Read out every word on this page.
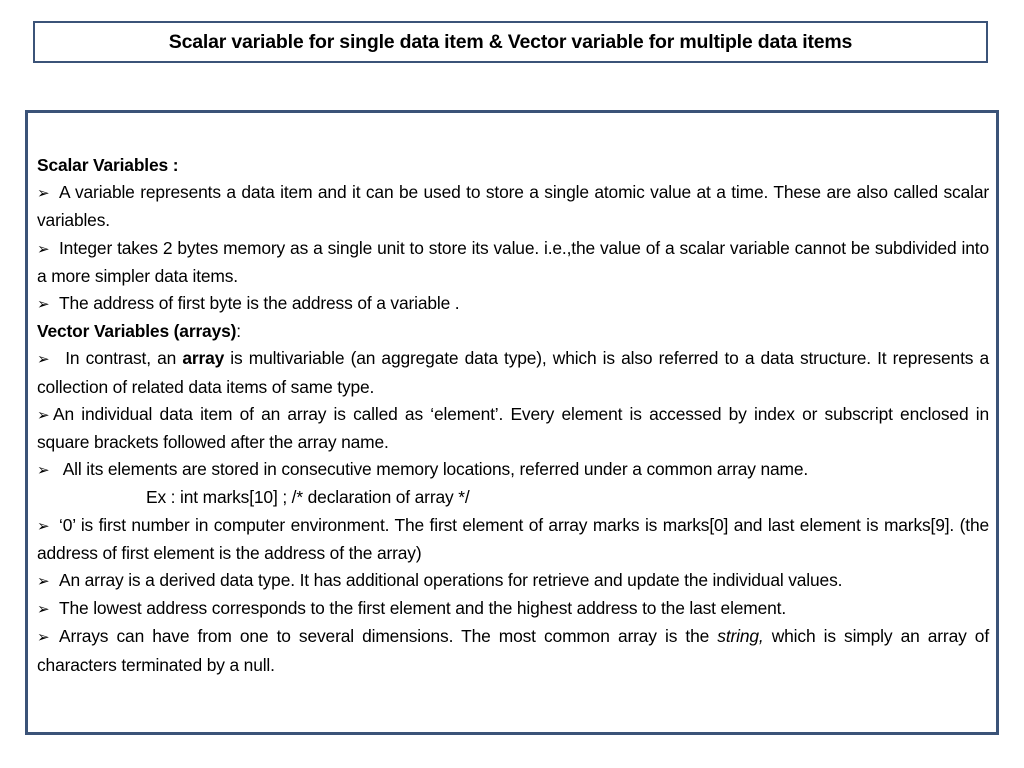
Scalar variable for single data item & Vector variable for multiple data items

Scalar Variables :

➢ A variable represents a data item and it can be used to store a single atomic value at a time. These are also called scalar variables.

➢ Integer takes 2 bytes memory as a single unit to store its value. i.e.,the value of a scalar variable cannot be subdivided into a more simpler data items.

➢ The address of first byte is the address of a variable .

Vector Variables (arrays):

➢ In contrast, an array is multivariable (an aggregate data type), which is also referred to a data structure. It represents a collection of related data items of same type.

➢ An individual data item of an array is called as ‘element’. Every element is accessed by index or subscript enclosed in square brackets followed after the array name.

➢ All its elements are stored in consecutive memory locations, referred under a common array name.

Ex : int marks[10] ; /* declaration of array */

➢ ‘0’ is first number in computer environment. The first element of array marks is marks[0] and last element is marks[9]. (the address of first element is the address of the array)

➢ An array is a derived data type. It has additional operations for retrieve and update the individual values.

➢ The lowest address corresponds to the first element and the highest address to the last element.

➢ Arrays can have from one to several dimensions. The most common array is the string, which is simply an array of characters terminated by a null.
